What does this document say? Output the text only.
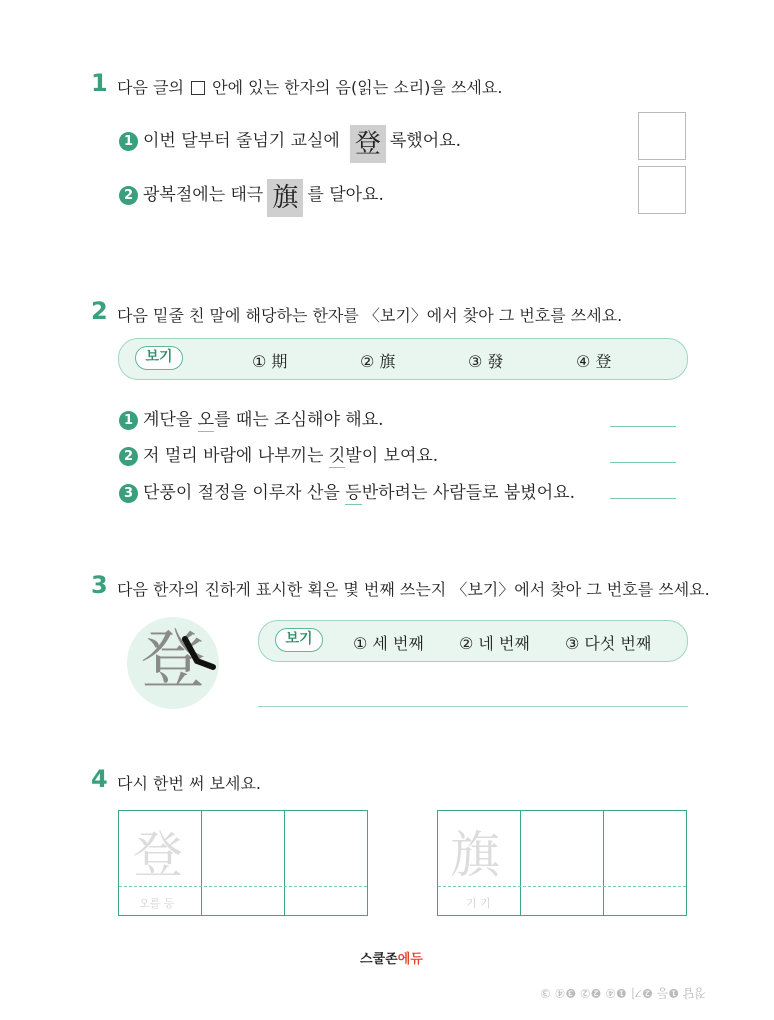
1 다음 글의 안에 있는 한자의 음(읽는 소리)을 쓰세요.
1 이번 달부터 줄넘기 교실에 登 록했어요.
2 광복절에는 태극 旗 를 달아요.
2 다음 밑줄 친 말에 해당하는 한자를 〈보기〉에서 찾아 그 번호를 쓰세요.
보기	① 期	② 旗	③ 發	④ 登
1 계단을 오를 때는 조심해야 해요.
2 저 멀리 바람에 나부끼는 깃발이 보여요.
3 단풍이 절정을 이루자 산을 등반하려는 사람들로 붐볐어요.
3 다음 한자의 진하게 표시한 획은 몇 번째 쓰는지 〈보기〉에서 찾아 그 번호를 쓰세요.
登	보기	① 세 번째 ② 네 번째 ③ 다섯 번째
4 다시 한번 써 보세요.
登
오를 등
旗
기 기
스쿨존에듀
정답 ❶등 ❷기 ❶④ ❷② ❸④ ③
